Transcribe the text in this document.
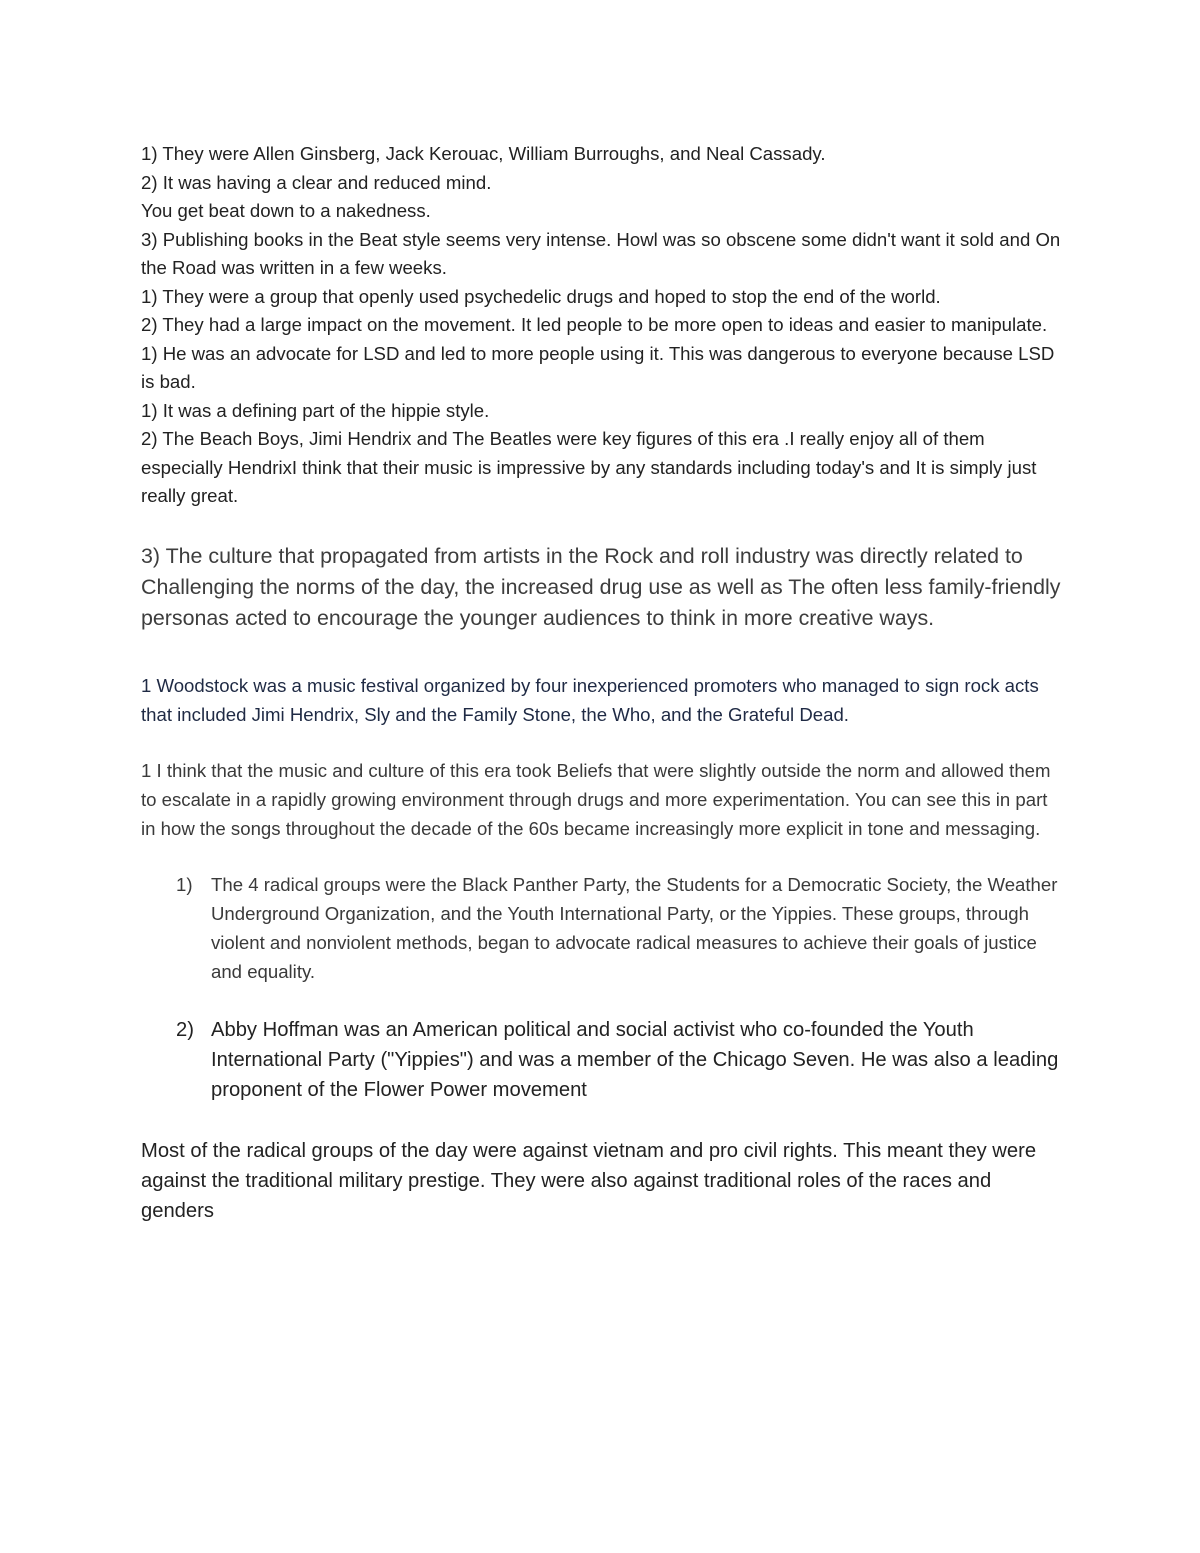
1) They were Allen Ginsberg, Jack Kerouac, William Burroughs, and Neal Cassady.

2) It was having a clear and reduced mind.

You get beat down to a nakedness.

3) Publishing books in the Beat style seems very intense. Howl was so obscene some didn't want it sold and On the Road was written in a few weeks.

1) They were a group that openly used psychedelic drugs and hoped to stop the end of the world.

2) They had a large impact on the movement. It led people to be more open to ideas and easier to manipulate.

1) He was an advocate for LSD and led to more people using it. This was dangerous to everyone because LSD is bad.

1) It was a defining part of the hippie style.

2) The Beach Boys, Jimi Hendrix and The Beatles were key figures of this era .I really enjoy all of them especially HendrixI think that their music is impressive by any standards including today's and It is simply just really great.

3) The culture that propagated from artists in the Rock and roll industry was directly related to Challenging the norms of the day, the increased drug use as well as The often less family-friendly personas acted to encourage the younger audiences to think in more creative ways.

1 Woodstock was a music festival organized by four inexperienced promoters who managed to sign rock acts that included Jimi Hendrix, Sly and the Family Stone, the Who, and the Grateful Dead.

1 I think that the music and culture of this era took Beliefs that were slightly outside the norm and allowed them to escalate in a rapidly growing environment through drugs and more experimentation. You can see this in part in how the songs throughout the decade of the 60s became increasingly more explicit in tone and messaging.

1) The 4 radical groups were the Black Panther Party, the Students for a Democratic Society, the Weather Underground Organization, and the Youth International Party, or the Yippies. These groups, through violent and nonviolent methods, began to advocate radical measures to achieve their goals of justice and equality.
2) Abby Hoffman was an American political and social activist who co-founded the Youth International Party ("Yippies") and was a member of the Chicago Seven. He was also a leading proponent of the Flower Power movement

Most of the radical groups of the day were against vietnam and pro civil rights. This meant they were against the traditional military prestige. They were also against traditional roles of the races and genders
